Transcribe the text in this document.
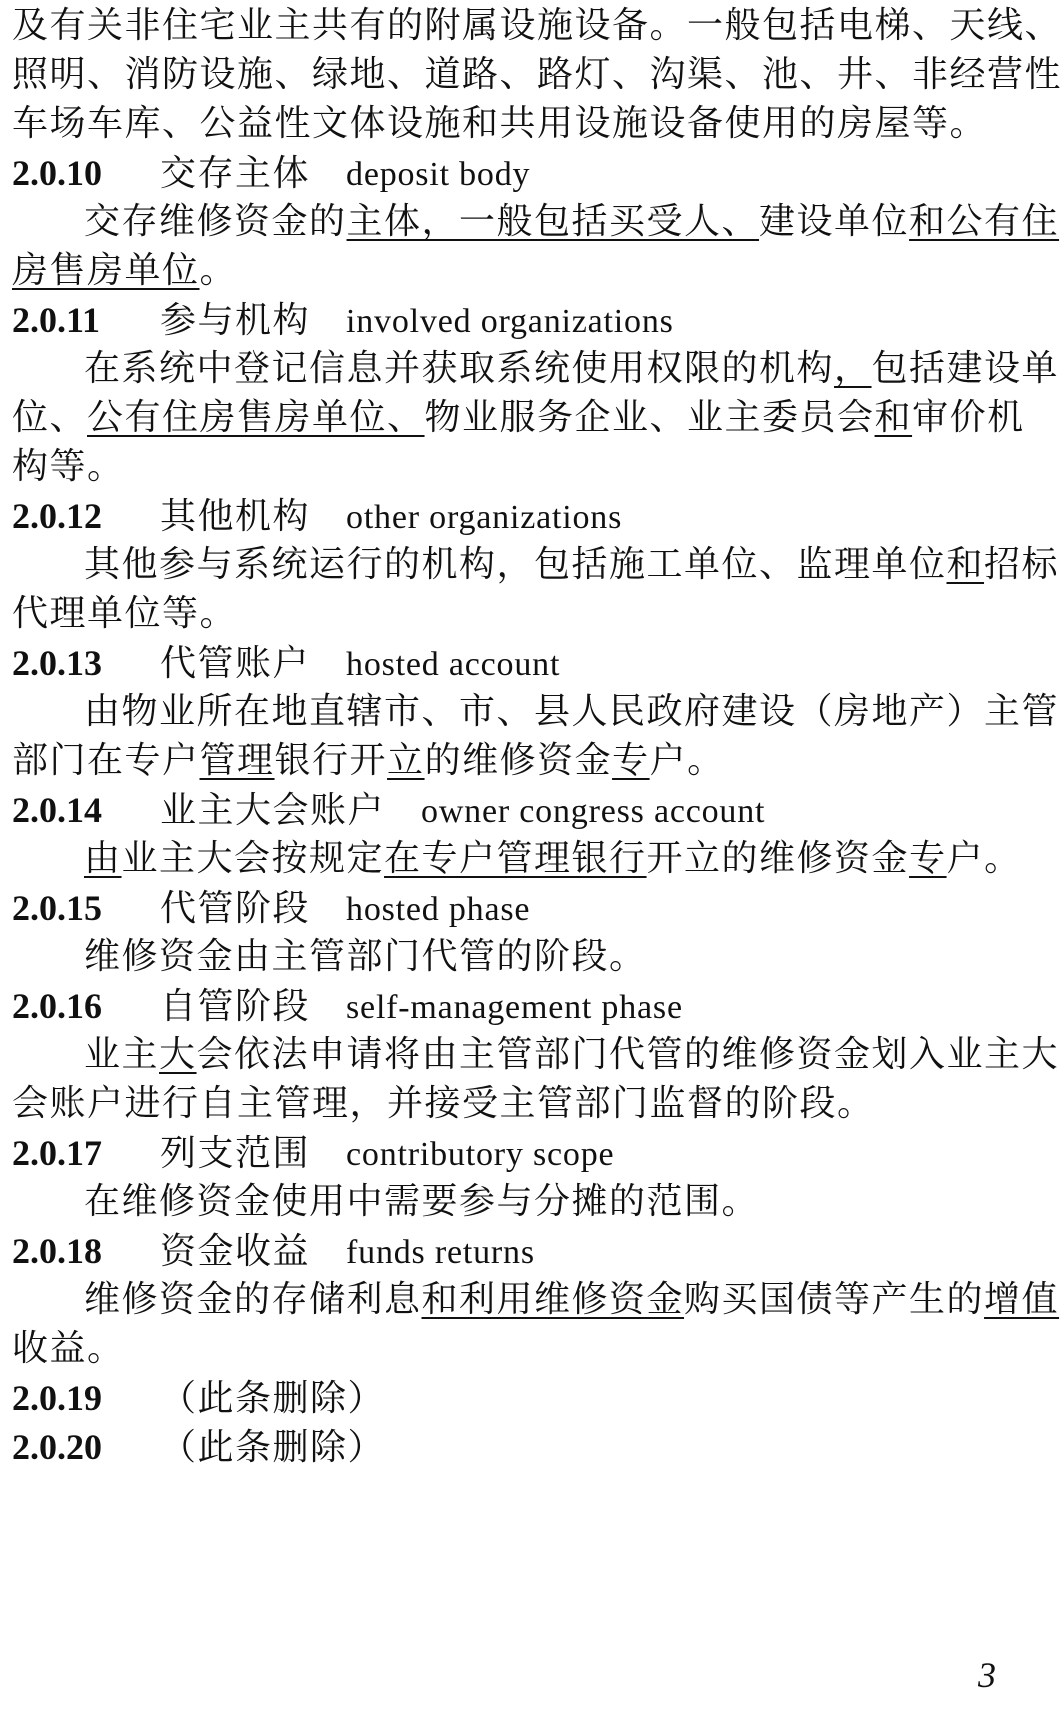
及有关非住宅业主共有的附属设施设备。一般包括电梯、天线、
照明、消防设施、绿地、道路、路灯、沟渠、池、井、非经营性
车场车库、公益性文体设施和共用设施设备使用的房屋等。
2.0.10 交存主体 deposit body
交存维修资金的主体，一般包括买受人、建设单位和公有住
房售房单位。
2.0.11 参与机构 involved organizations
在系统中登记信息并获取系统使用权限的机构，包括建设单
位、公有住房售房单位、物业服务企业、业主委员会和审价机
构等。
2.0.12 其他机构 other organizations
其他参与系统运行的机构，包括施工单位、监理单位和招标
代理单位等。
2.0.13 代管账户 hosted account
由物业所在地直辖市、市、县人民政府建设（房地产）主管
部门在专户管理银行开立的维修资金专户。
2.0.14 业主大会账户 owner congress account
由业主大会按规定在专户管理银行开立的维修资金专户。
2.0.15 代管阶段 hosted phase
维修资金由主管部门代管的阶段。
2.0.16 自管阶段 self-management phase
业主大会依法申请将由主管部门代管的维修资金划入业主大
会账户进行自主管理，并接受主管部门监督的阶段。
2.0.17 列支范围 contributory scope
在维修资金使用中需要参与分摊的范围。
2.0.18 资金收益 funds returns
维修资金的存储利息和利用维修资金购买国债等产生的增值
收益。
2.0.19 （此条删除）
2.0.20 （此条删除）
3
